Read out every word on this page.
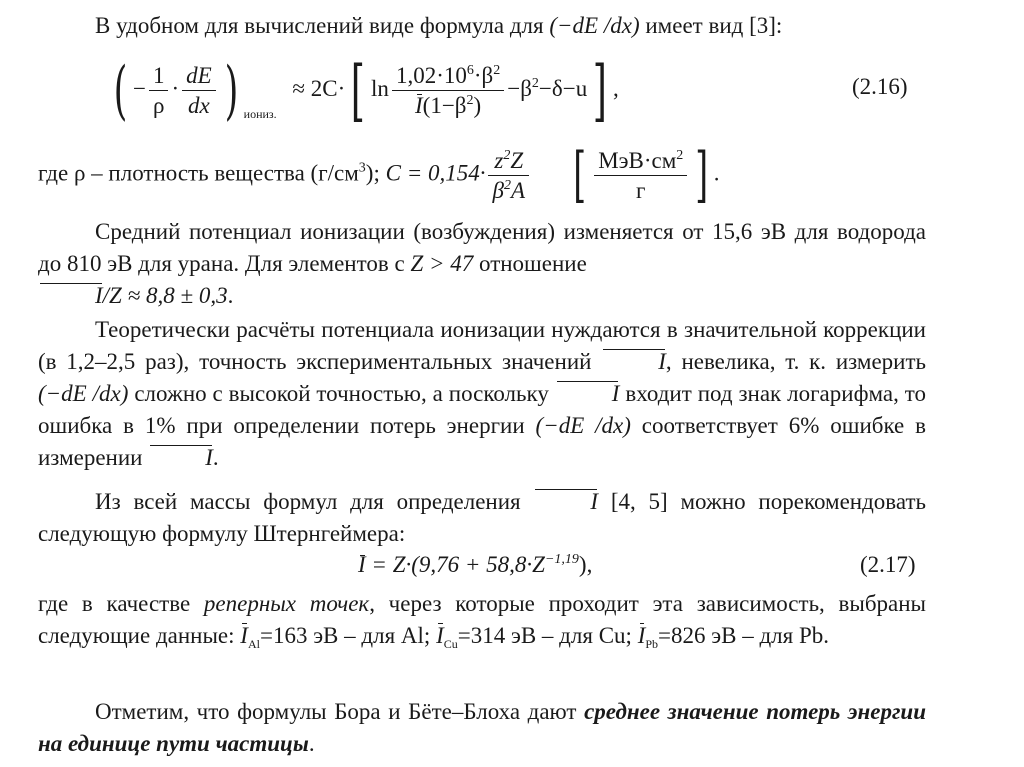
В удобном для вычислений виде формула для (−dE /dx) имеет вид [3]:

( − $\frac{1}{\rho} \cdot \frac{dE}{dx}$ ) $_{иониз.}$ ≈ 2C·[ $\ln \frac{1,02\cdot 10^6\cdot\beta^2}{I(1-\beta^2)} -\beta^2-\delta-u$] ,	(2.16)
где ρ – плотность вещества $(г/см^3)$; $C = 0,154\cdot \frac{z^2Z}{\beta^2A}$ [ $\frac{МэВ\cdot см^2}{г}$ ] .

Средний потенциал ионизации (возбуждения) изменяется от 15,6 эВ для водорода до 810 эВ для урана. Для элементов с Z > 47 отношение
I/Z ≈ 8,8 ± 0,3.

Теоретически расчёты потенциала ионизации нуждаются в значительной коррекции (в 1,2–2,5 раз), точность экспериментальных значений	I, невелика, т. к. измерить (−dE /dx) сложно с высокой точностью, а поскольку	I входит под знак логарифма, то ошибка в 1% при определении потерь энергии (−dE /dx) соответствует 6% ошибке в измерении	I.

Из всей массы формул для определения	I [4, 5] можно порекомендовать следующую формулу Штернгеймера:

$I = Z\cdot(9,76 + 58,8\cdot Z^{-1,19})$,	(2.17)

где в качестве реперных точек, через которые проходит эта зависимость, выбраны следующие данные: $I_{Al}=163$ эВ – для Al; $I_{Cu}=314$ эВ – для Cu; $I_{Pb}=826$ эВ – для Pb.

Отметим, что формулы Бора и Бёте–Блоха дают среднее значение потерь энергии на единице пути частицы.
